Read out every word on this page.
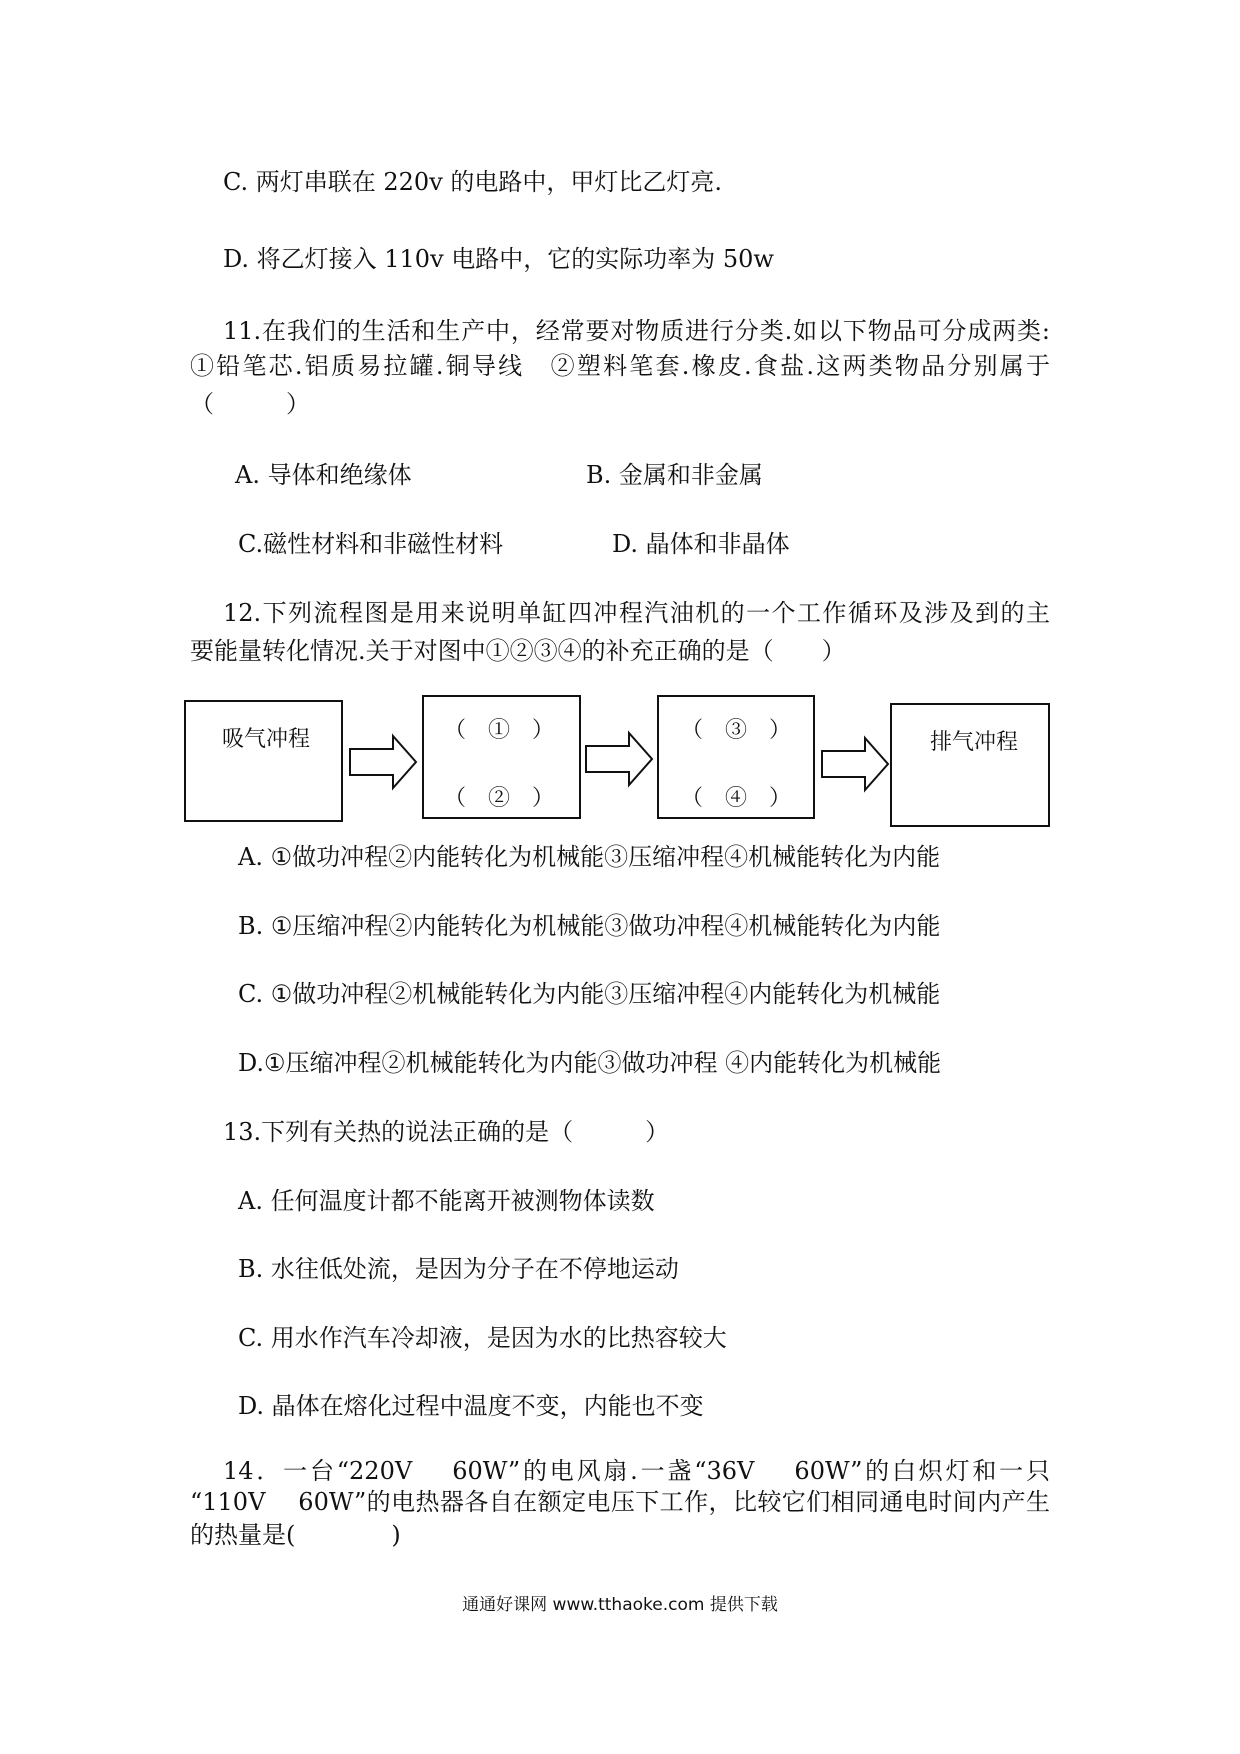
C. 两灯串联在 220v 的电路中，甲灯比乙灯亮.
D. 将乙灯接入 110v 电路中，它的实际功率为 50w
11.在我们的生活和生产中，经常要对物质进行分类.如以下物品可分成两类:
①铅笔芯.铝质易拉罐.铜导线　②塑料笔套.橡皮.食盐.这两类物品分别属于
（　　　）
A. 导体和绝缘体	B. 金属和非金属
C.磁性材料和非磁性材料	D. 晶体和非晶体
12.下列流程图是用来说明单缸四冲程汽油机的一个工作循环及涉及到的主
要能量转化情况.关于对图中①②③④的补充正确的是（　　）
吸气冲程	（　①　）
（　②　）
（　③　）
（　④　）
排气冲程
A. ①做功冲程②内能转化为机械能③压缩冲程④机械能转化为内能
B. ①压缩冲程②内能转化为机械能③做功冲程④机械能转化为内能
C. ①做功冲程②机械能转化为内能③压缩冲程④内能转化为机械能
D.①压缩冲程②机械能转化为内能③做功冲程 ④内能转化为机械能
13.下列有关热的说法正确的是（　　　）
A. 任何温度计都不能离开被测物体读数
B. 水往低处流，是因为分子在不停地运动
C. 用水作汽车冷却液，是因为水的比热容较大
D. 晶体在熔化过程中温度不变，内能也不变
14．一台“220V　 60W”的电风扇.一盏“36V　 60W”的白炽灯和一只
“110V　 60W”的电热器各自在额定电压下工作，比较它们相同通电时间内产生
的热量是(　　　　)
通通好课网 www.tthaoke.com 提供下载
